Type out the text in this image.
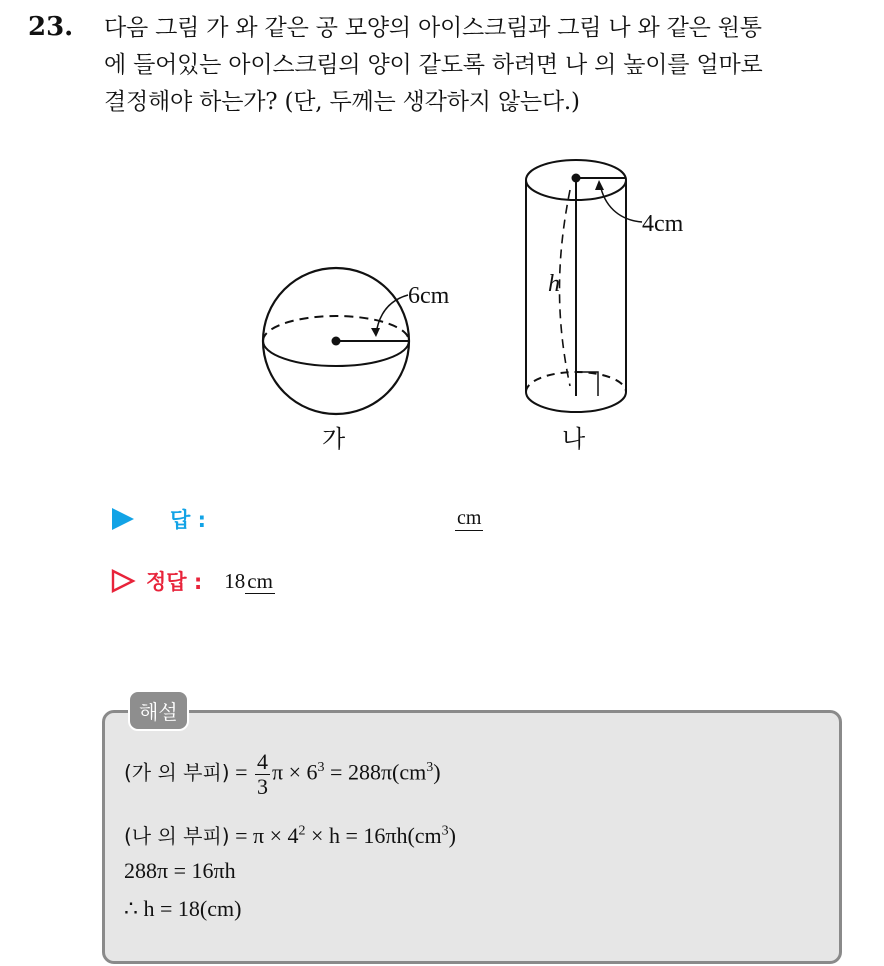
23. 다음 그림 가 와 같은 공 모양의 아이스크림과 그림 나 와 같은 원통
에 들어있는 아이스크림의 양이 같도록 하려면 나 의 높이를 얼마로
결정해야 하는가? (단, 두께는 생각하지 않는다.)
6cm
가
h
4cm
나
답 :	cm
정답 : 18 cm
해설
(가 의 부피) = $\frac{4}{3}$ $\pi \times 6^3 = 288\pi(cm^3)$
(나 의 부피) = $\pi \times 4^2 \times h = 16\pi h(cm^3)$
288π = 16πh
∴ h = 18(cm)
